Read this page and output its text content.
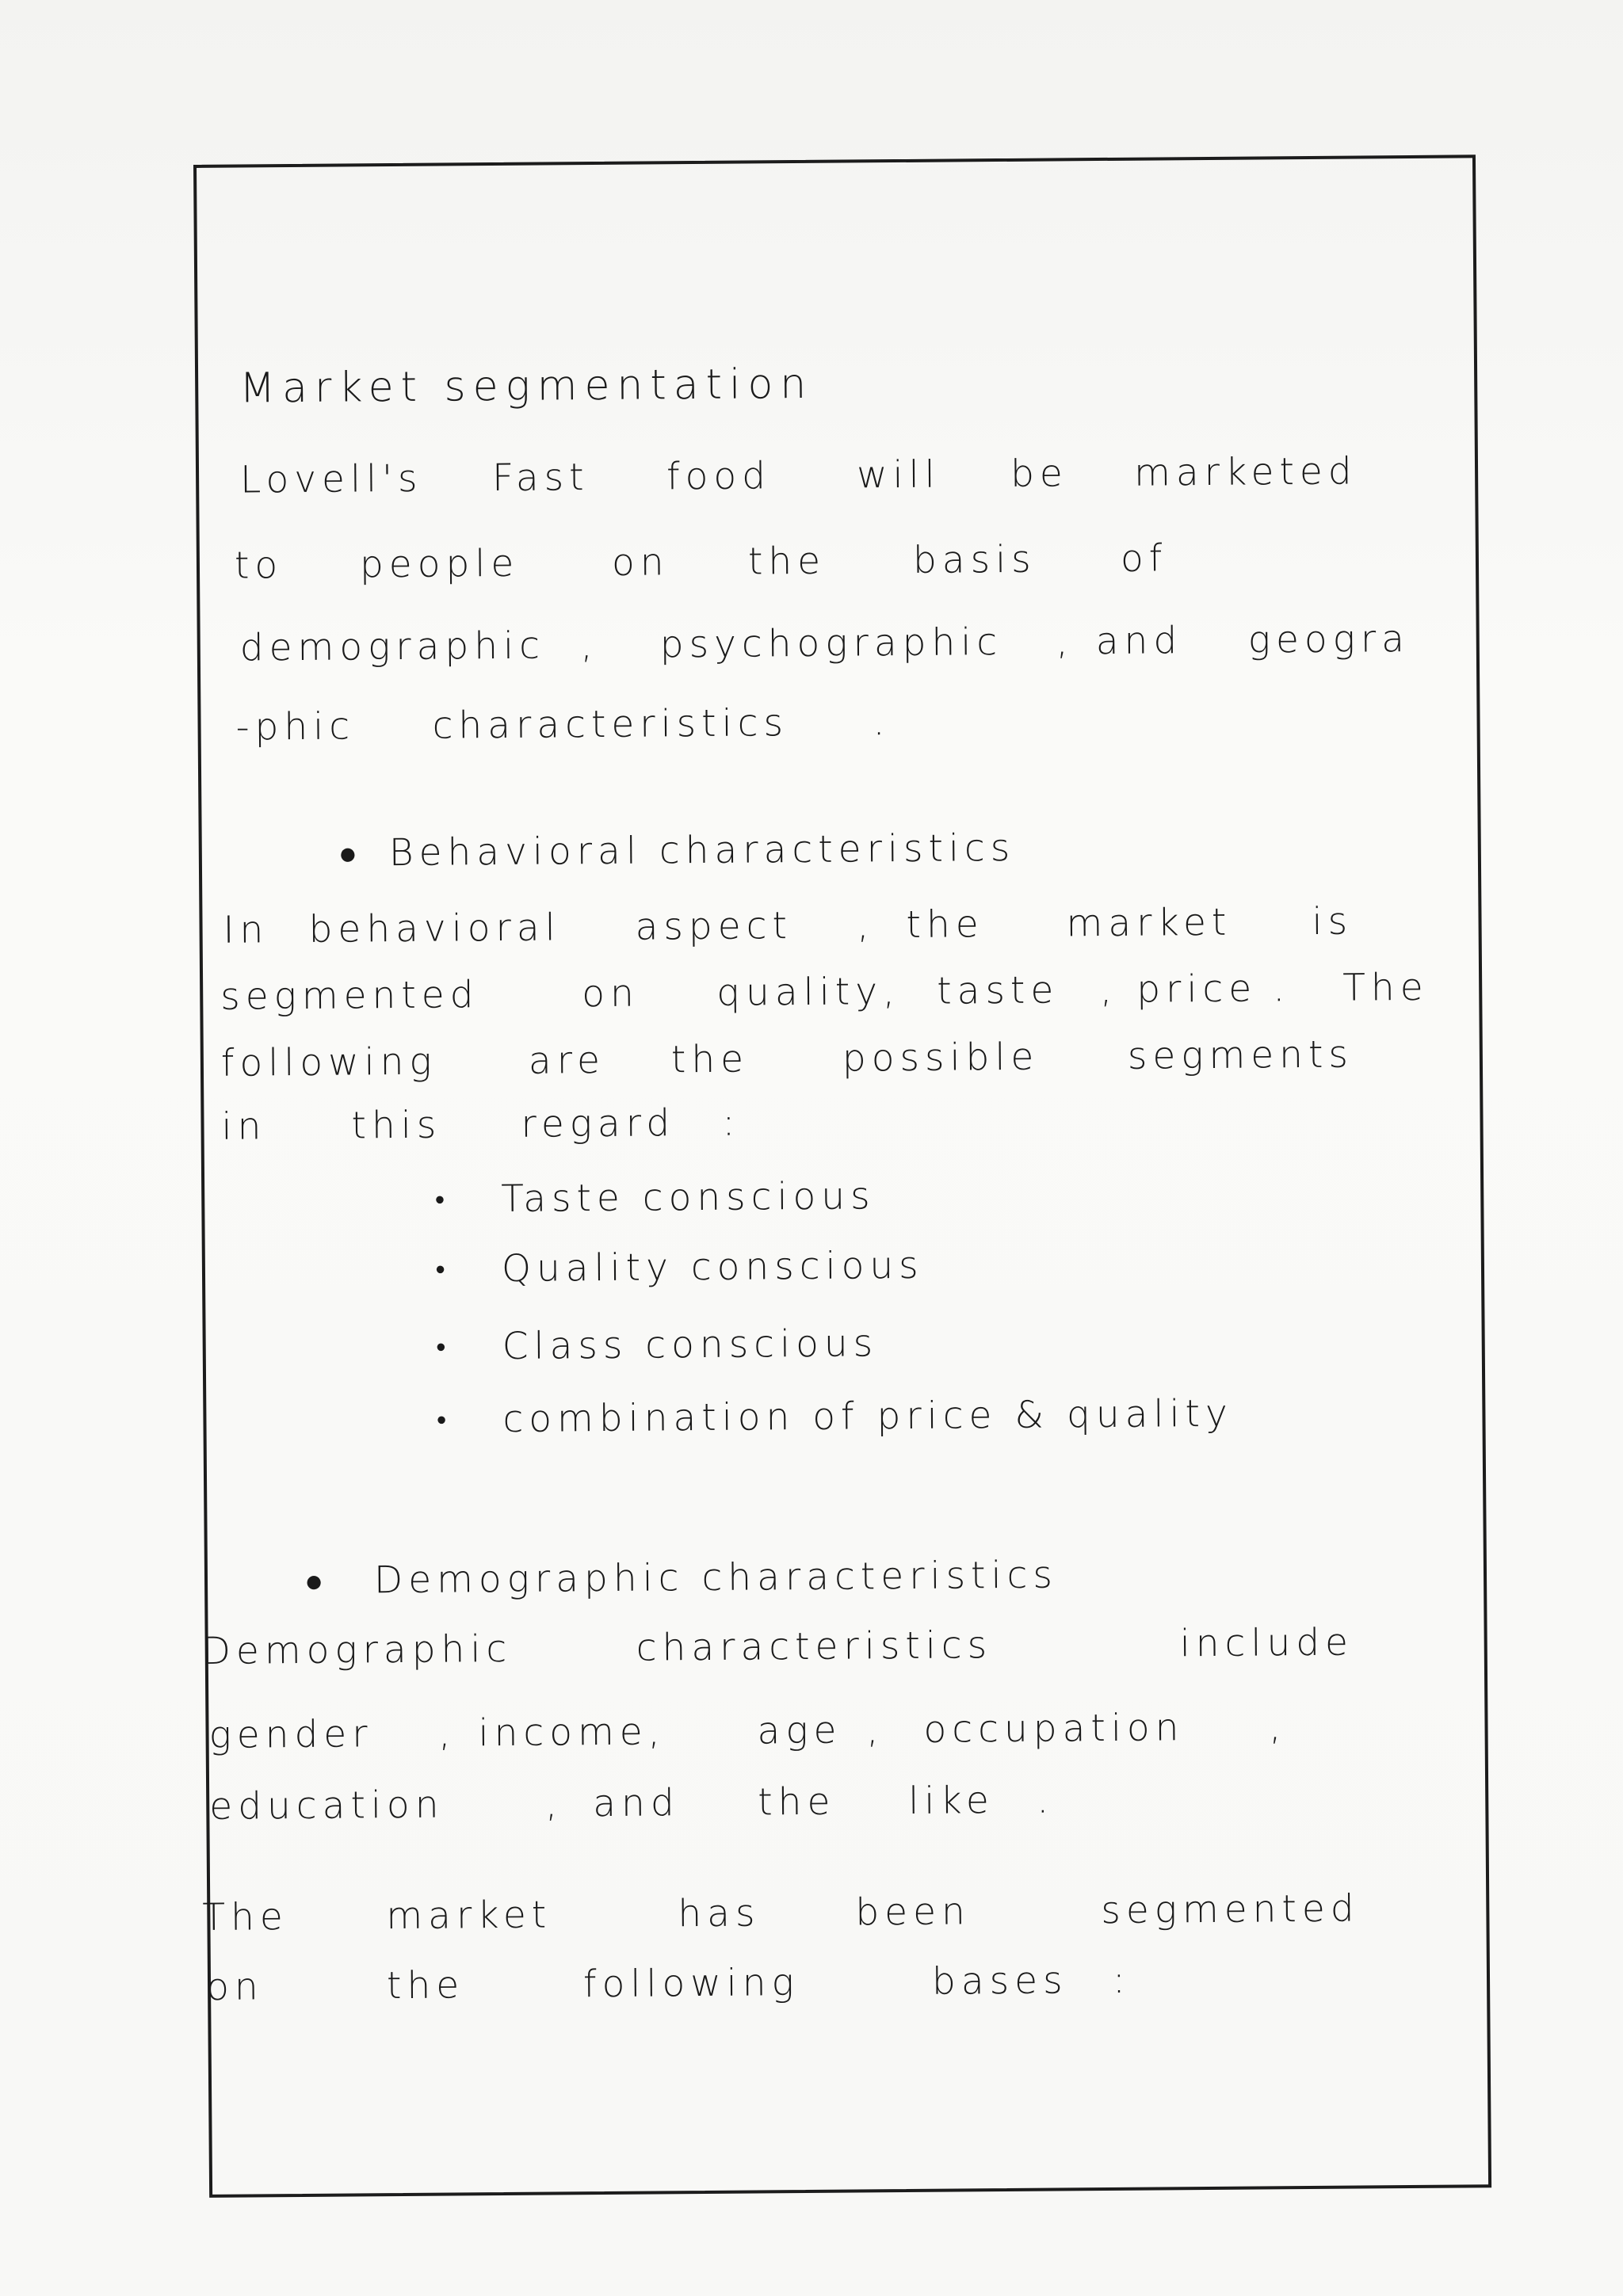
Market segmentation
Lovell's Fast food will be marketed
to people on the basis of
demographic , psychographic , and geogra
-phic characteristics .
● Behavioral characteristics
In behavioral aspect , the market is
segmented	on quality, taste , price . The
following are the possible segments
in this regard :
● Taste conscious
● Quality conscious
● Class conscious
● combination of price & quality
● Demographic characteristics
Demographic	characteristics	include
gender , income, age , occupation ,
education	, and the like .
The	market	has	been	segmented
on	the	following	bases :
